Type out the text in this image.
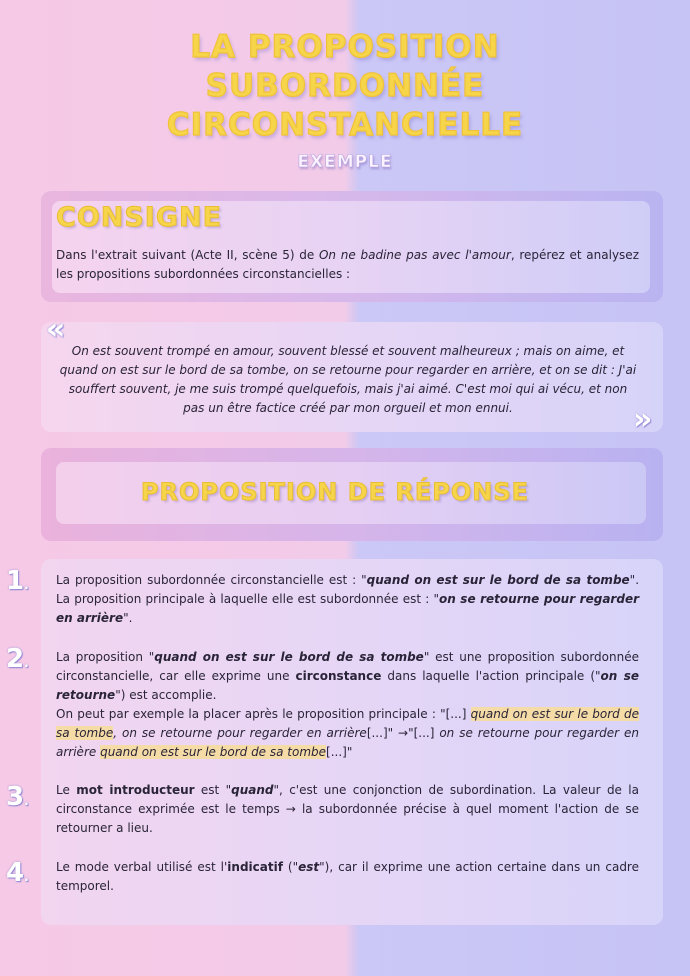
LA PROPOSITION
SUBORDONNÉE
CIRCONSTANCIELLE
EXEMPLE
CONSIGNE

Dans l'extrait suivant (Acte II, scène 5) de On ne badine pas avec l'amour, repérez et analysez les propositions subordonnées circonstancielles :

«

On est souvent trompé en amour, souvent blessé et souvent malheureux ; mais on aime, et quand on est sur le bord de sa tombe, on se retourne pour regarder en arrière, et on se dit : J'ai souffert souvent, je me suis trompé quelquefois, mais j'ai aimé. C'est moi qui ai vécu, et non pas un être factice créé par mon orgueil et mon ennui.	»
PROPOSITION DE RÉPONSE
1. La proposition subordonnée circonstancielle est : "quand on est sur le bord de sa tombe". La proposition principale à laquelle elle est subordonnée est : "on se retourne pour regarder en arrière".

2. La proposition "quand on est sur le bord de sa tombe" est une proposition subordonnée circonstancielle, car elle exprime une circonstance dans laquelle l'action principale ("on se retourne") est accomplie.

On peut par exemple la placer après le proposition principale : "[...] quand on est sur le bord de sa tombe, on se retourne pour regarder en arrière[...]" →"[...] on se retourne pour regarder en arrière quand on est sur le bord de sa tombe[...]"

3.

Le mot introducteur est "quand", c'est une conjonction de subordination. La valeur de la circonstance exprimée est le temps → la subordonnée précise à quel moment l'action de se retourner a lieu.

4.

Le mode verbal utilisé est l'indicatif ("est"), car il exprime une action certaine dans un cadre temporel.
